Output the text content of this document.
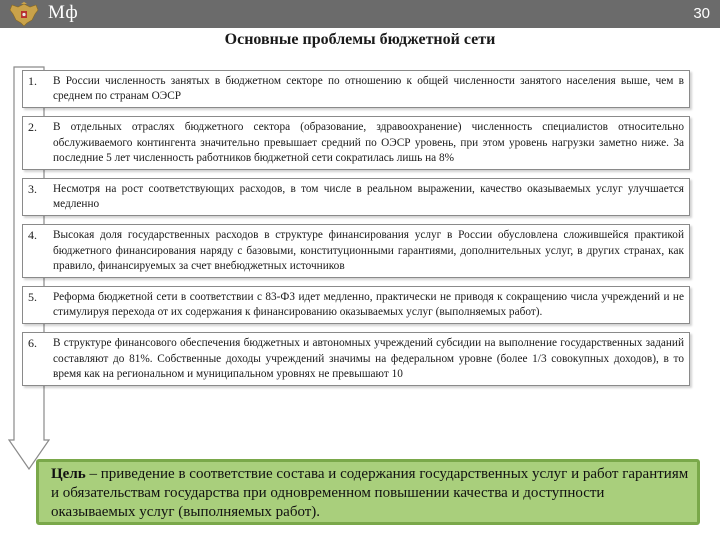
Мф	30
Основные проблемы бюджетной сети
1. В России численность занятых в бюджетном секторе по отношению к общей численности занятого населения выше, чем в среднем по странам ОЭСР
2. В отдельных отраслях бюджетного сектора (образование, здравоохранение) численность специалистов относительно обслуживаемого контингента значительно превышает средний по ОЭСР уровень, при этом уровень нагрузки заметно ниже. За последние 5 лет численность работников бюджетной сети сократилась лишь на 8%
3. Несмотря на рост соответствующих расходов, в том числе в реальном выражении, качество оказываемых услуг улучшается медленно
4. Высокая доля государственных расходов в структуре финансирования услуг в России обусловлена сложившейся практикой бюджетного финансирования наряду с базовыми, конституционными гарантиями, дополнительных услуг, в других странах, как правило, финансируемых за счет внебюджетных источников
5. Реформа бюджетной сети в соответствии с 83-ФЗ идет медленно, практически не приводя к сокращению числа учреждений и не стимулируя перехода от их содержания к финансированию оказываемых услуг (выполняемых работ).
6. В структуре финансового обеспечения бюджетных и автономных учреждений субсидии на выполнение государственных заданий составляют до 81%. Собственные доходы учреждений значимы на федеральном уровне (более 1/3 совокупных доходов), в то время как на региональном и муниципальном уровнях не превышают 10
Цель – приведение в соответствие состава и содержания государственных услуг и работ гарантиям и обязательствам государства при одновременном повышении качества и доступности оказываемых услуг (выполняемых работ).
